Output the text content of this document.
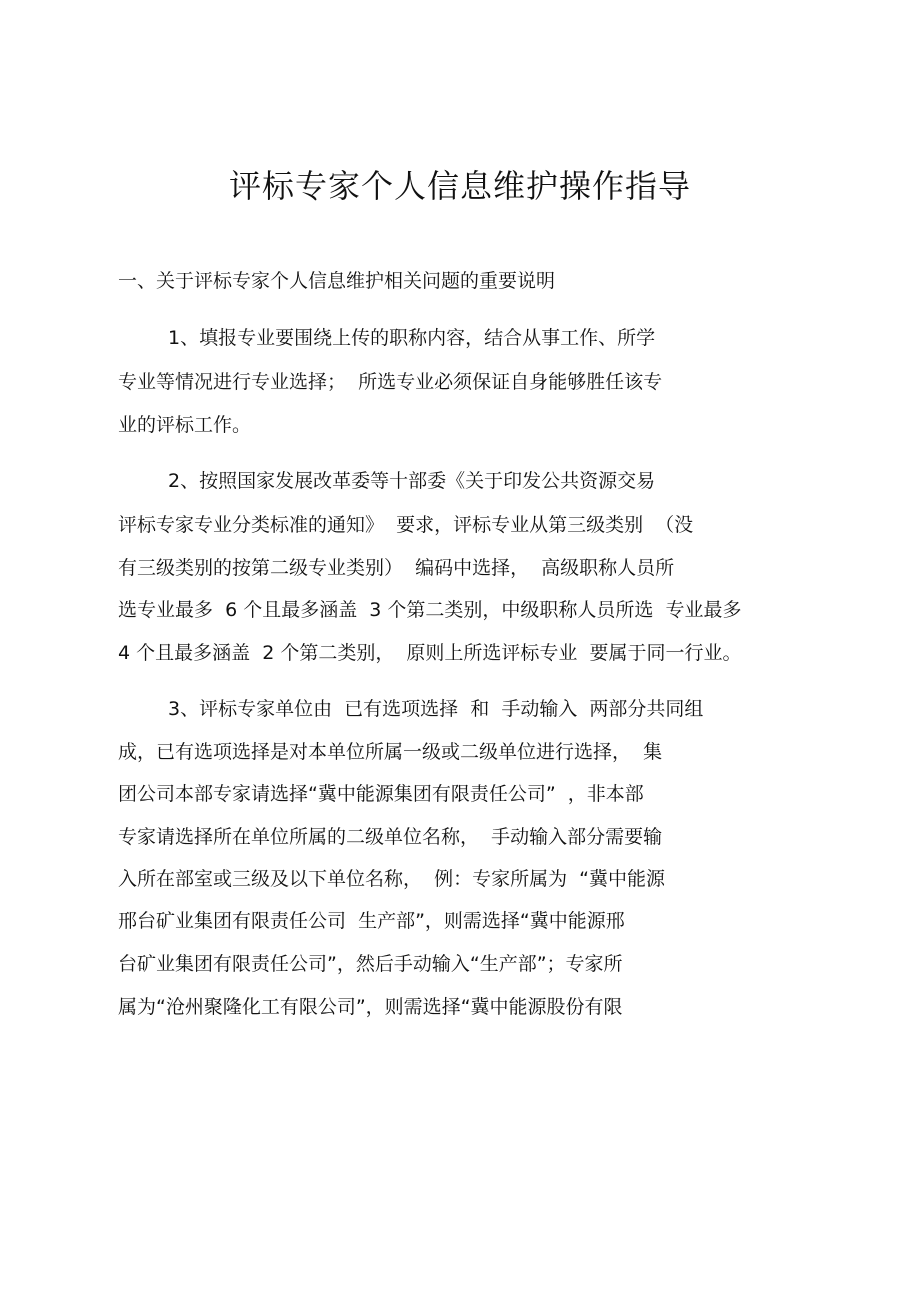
评标专家个人信息维护操作指导
一、关于评标专家个人信息维护相关问题的重要说明
1、填报专业要围绕上传的职称内容，结合从事工作、所学
专业等情况进行专业选择；  所选专业必须保证自身能够胜任该专
业的评标工作。
2、按照国家发展改革委等十部委《关于印发公共资源交易
评标专家专业分类标准的通知》  要求，评标专业从第三级类别  （没
有三级类别的按第二级专业类别）  编码中选择，  高级职称人员所
选专业最多  6 个且最多涵盖  3 个第二类别，中级职称人员所选  专业最多
4 个且最多涵盖  2 个第二类别，  原则上所选评标专业  要属于同一行业。
3、评标专家单位由  已有选项选择  和  手动输入  两部分共同组
成，已有选项选择是对本单位所属一级或二级单位进行选择，  集
团公司本部专家请选择“冀中能源集团有限责任公司”  ，非本部
专家请选择所在单位所属的二级单位名称，  手动输入部分需要输
入所在部室或三级及以下单位名称，  例：专家所属为  “冀中能源
邢台矿业集团有限责任公司  生产部”，则需选择“冀中能源邢
台矿业集团有限责任公司”，然后手动输入“生产部”；专家所
属为“沧州聚隆化工有限公司”，则需选择“冀中能源股份有限
